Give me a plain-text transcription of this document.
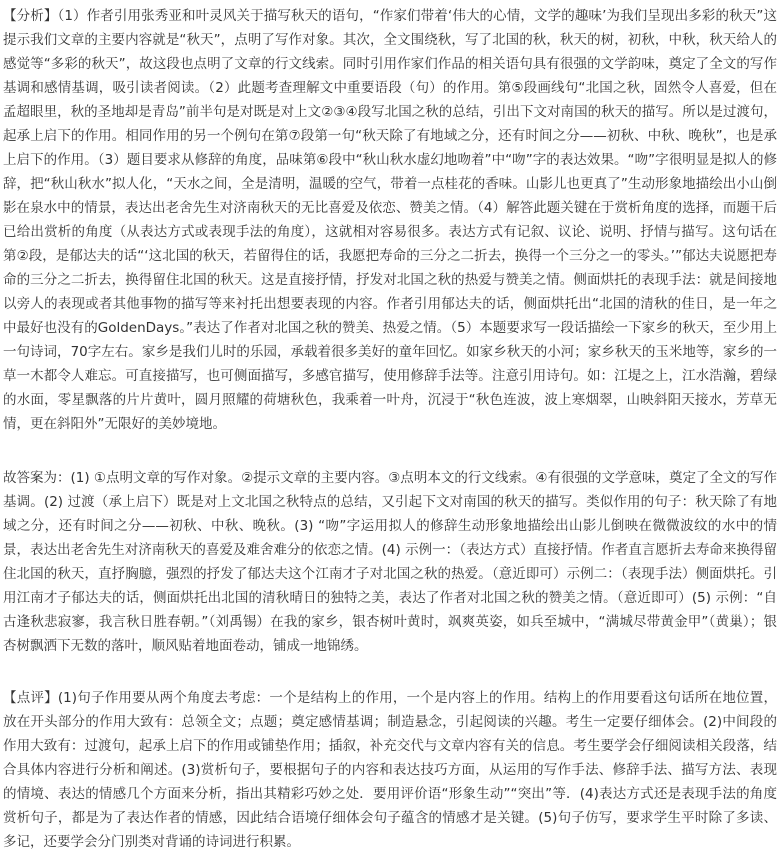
【分析】（1）作者引用张秀亚和叶灵风关于描写秋天的语句，“作家们带着‘伟大的心情，文学的趣味’为我们呈现出多彩的秋天”这提示我们文章的主要内容就是“秋天”，点明了写作对象。其次，全文围绕秋，写了北国的秋，秋天的树，初秋，中秋，秋天给人的感觉等“多彩的秋天”，故这段也点明了文章的行文线索。同时引用作家们作品的相关语句具有很强的文学韵味，奠定了全文的写作基调和感情基调，吸引读者阅读。（2）此题考查理解文中重要语段（句）的作用。第⑤段画线句“北国之秋，固然令人喜爱，但在孟超眼里，秋的圣地却是青岛”前半句是对既是对上文②③④段写北国之秋的总结，引出下文对南国的秋天的描写。所以是过渡句，起承上启下的作用。相同作用的另一个例句在第⑦段第一句“秋天除了有地域之分，还有时间之分——初秋、中秋、晚秋”，也是承上启下的作用。（3）题目要求从修辞的角度，品味第⑥段中“秋山秋水虚幻地吻着”中“吻”字的表达效果。“吻”字很明显是拟人的修辞，把“秋山秋水”拟人化，“天水之间，全是清明，温暖的空气，带着一点桂花的香味。山影儿也更真了”生动形象地描绘出小山倒影在泉水中的情景，表达出老舍先生对济南秋天的无比喜爱及依恋、赞美之情。（4）解答此题关键在于赏析角度的选择，而题干后已给出赏析的角度（从表达方式或表现手法的角度），这就相对容易很多。表达方式有记叙、议论、说明、抒情与描写。这句话在第②段，是郁达夫的话“‘这北国的秋天，若留得住的话，我愿把寿命的三分之二折去，换得一个三分之一的零头。’”郁达夫说愿把寿命的三分之二折去，换得留住北国的秋天。这是直接抒情，抒发对北国之秋的热爱与赞美之情。侧面烘托的表现手法：就是间接地以旁人的表现或者其他事物的描写等来衬托出想要表现的内容。作者引用郁达夫的话，侧面烘托出“北国的清秋的佳日，是一年之中最好也没有的GoldenDays。”表达了作者对北国之秋的赞美、热爱之情。（5）本题要求写一段话描绘一下家乡的秋天，至少用上一句诗词，70字左右。家乡是我们儿时的乐园，承载着很多美好的童年回忆。如家乡秋天的小河；家乡秋天的玉米地等，家乡的一草一木都令人难忘。可直接描写，也可侧面描写，多感官描写，使用修辞手法等。注意引用诗句。如：江堤之上，江水浩瀚，碧绿的水面，零星飘落的片片黄叶，圆月照耀的荷塘秋色，我乘着一叶舟，沉浸于“秋色连波，波上寒烟翠，山映斜阳天接水，芳草无情，更在斜阳外”无限好的美妙境地。

故答案为：(1) ①点明文章的写作对象。②提示文章的主要内容。③点明本文的行文线索。④有很强的文学意味，奠定了全文的写作基调。(2) 过渡（承上启下）既是对上文北国之秋特点的总结，又引起下文对南国的秋天的描写。类似作用的句子：秋天除了有地域之分，还有时间之分——初秋、中秋、晚秋。(3) “吻”字运用拟人的修辞生动形象地描绘出山影儿倒映在微微波纹的水中的情景，表达出老舍先生对济南秋天的喜爱及难舍难分的依恋之情。(4) 示例一：（表达方式）直接抒情。作者直言愿折去寿命来换得留住北国的秋天，直抒胸臆，强烈的抒发了郁达夫这个江南才子对北国之秋的热爱。（意近即可）示例二：（表现手法）侧面烘托。引用江南才子郁达夫的话，侧面烘托出北国的清秋晴日的独特之美，表达了作者对北国之秋的赞美之情。（意近即可）(5) 示例：“自古逢秋悲寂寥，我言秋日胜春朝。”（刘禹锡）在我的家乡，银杏树叶黄时，飒爽英姿，如兵至城中，“满城尽带黄金甲”（黄巢）；银杏树飘洒下无数的落叶，顺风贴着地面卷动，铺成一地锦绣。

【点评】(1)句子作用要从两个角度去考虑：一个是结构上的作用，一个是内容上的作用。结构上的作用要看这句话所在地位置，放在开头部分的作用大致有：总领全文；点题；奠定感情基调；制造悬念，引起阅读的兴趣。考生一定要仔细体会。(2)中间段的作用大致有：过渡句，起承上启下的作用或铺垫作用；插叙，补充交代与文章内容有关的信息。考生要学会仔细阅读相关段落，结合具体内容进行分析和阐述。(3)赏析句子，要根据句子的内容和表达技巧方面，从运用的写作手法、修辞手法、描写方法、表现的情境、表达的情感几个方面来分析，指出其精彩巧妙之处．要用评价语“形象生动”“突出”等．(4)表达方式还是表现手法的角度赏析句子，都是为了表达作者的情感，因此结合语境仔细体会句子蕴含的情感才是关键。(5)句子仿写，要求学生平时除了多读、多记，还要学会分门别类对背诵的诗词进行积累。
